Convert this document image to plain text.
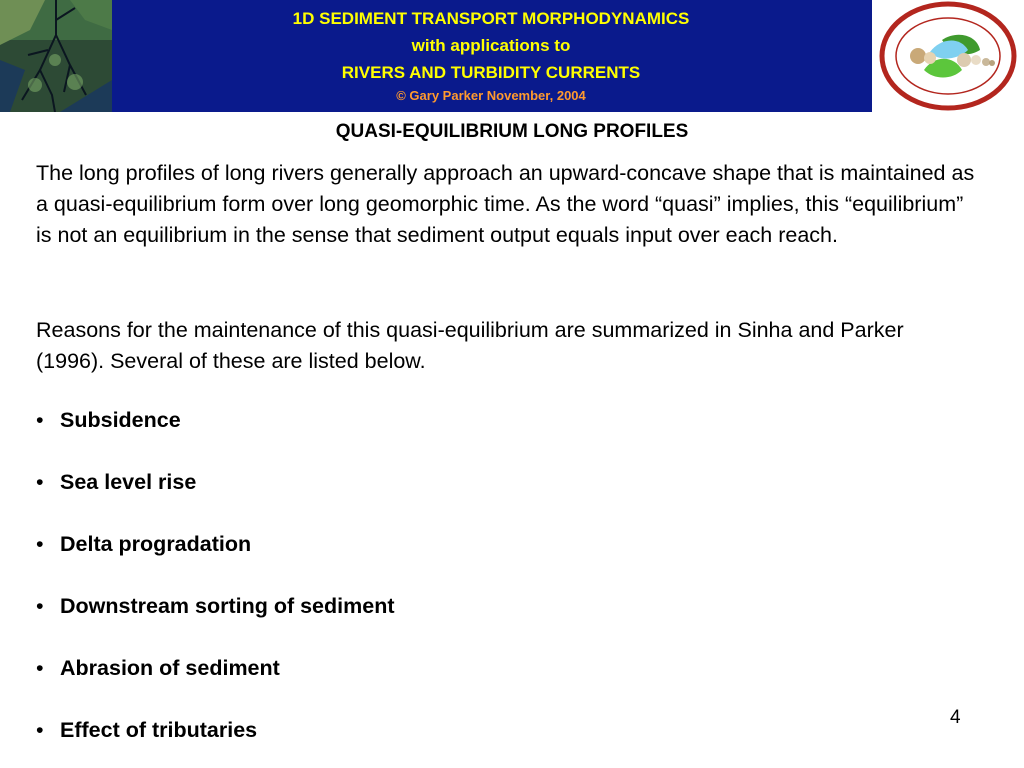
1D SEDIMENT TRANSPORT MORPHODYNAMICS
with applications to
RIVERS AND TURBIDITY CURRENTS
© Gary Parker November, 2004
QUASI-EQUILIBRIUM LONG PROFILES

The long profiles of long rivers generally approach an upward-concave shape that is maintained as a quasi-equilibrium form over long geomorphic time. As the word “quasi” implies, this “equilibrium” is not an equilibrium in the sense that sediment output equals input over each reach.

Reasons for the maintenance of this quasi-equilibrium are summarized in Sinha and Parker (1996). Several of these are listed below.

• Subsidence
• Sea level rise
• Delta progradation
• Downstream sorting of sediment
• Abrasion of sediment
• Effect of tributaries
4
